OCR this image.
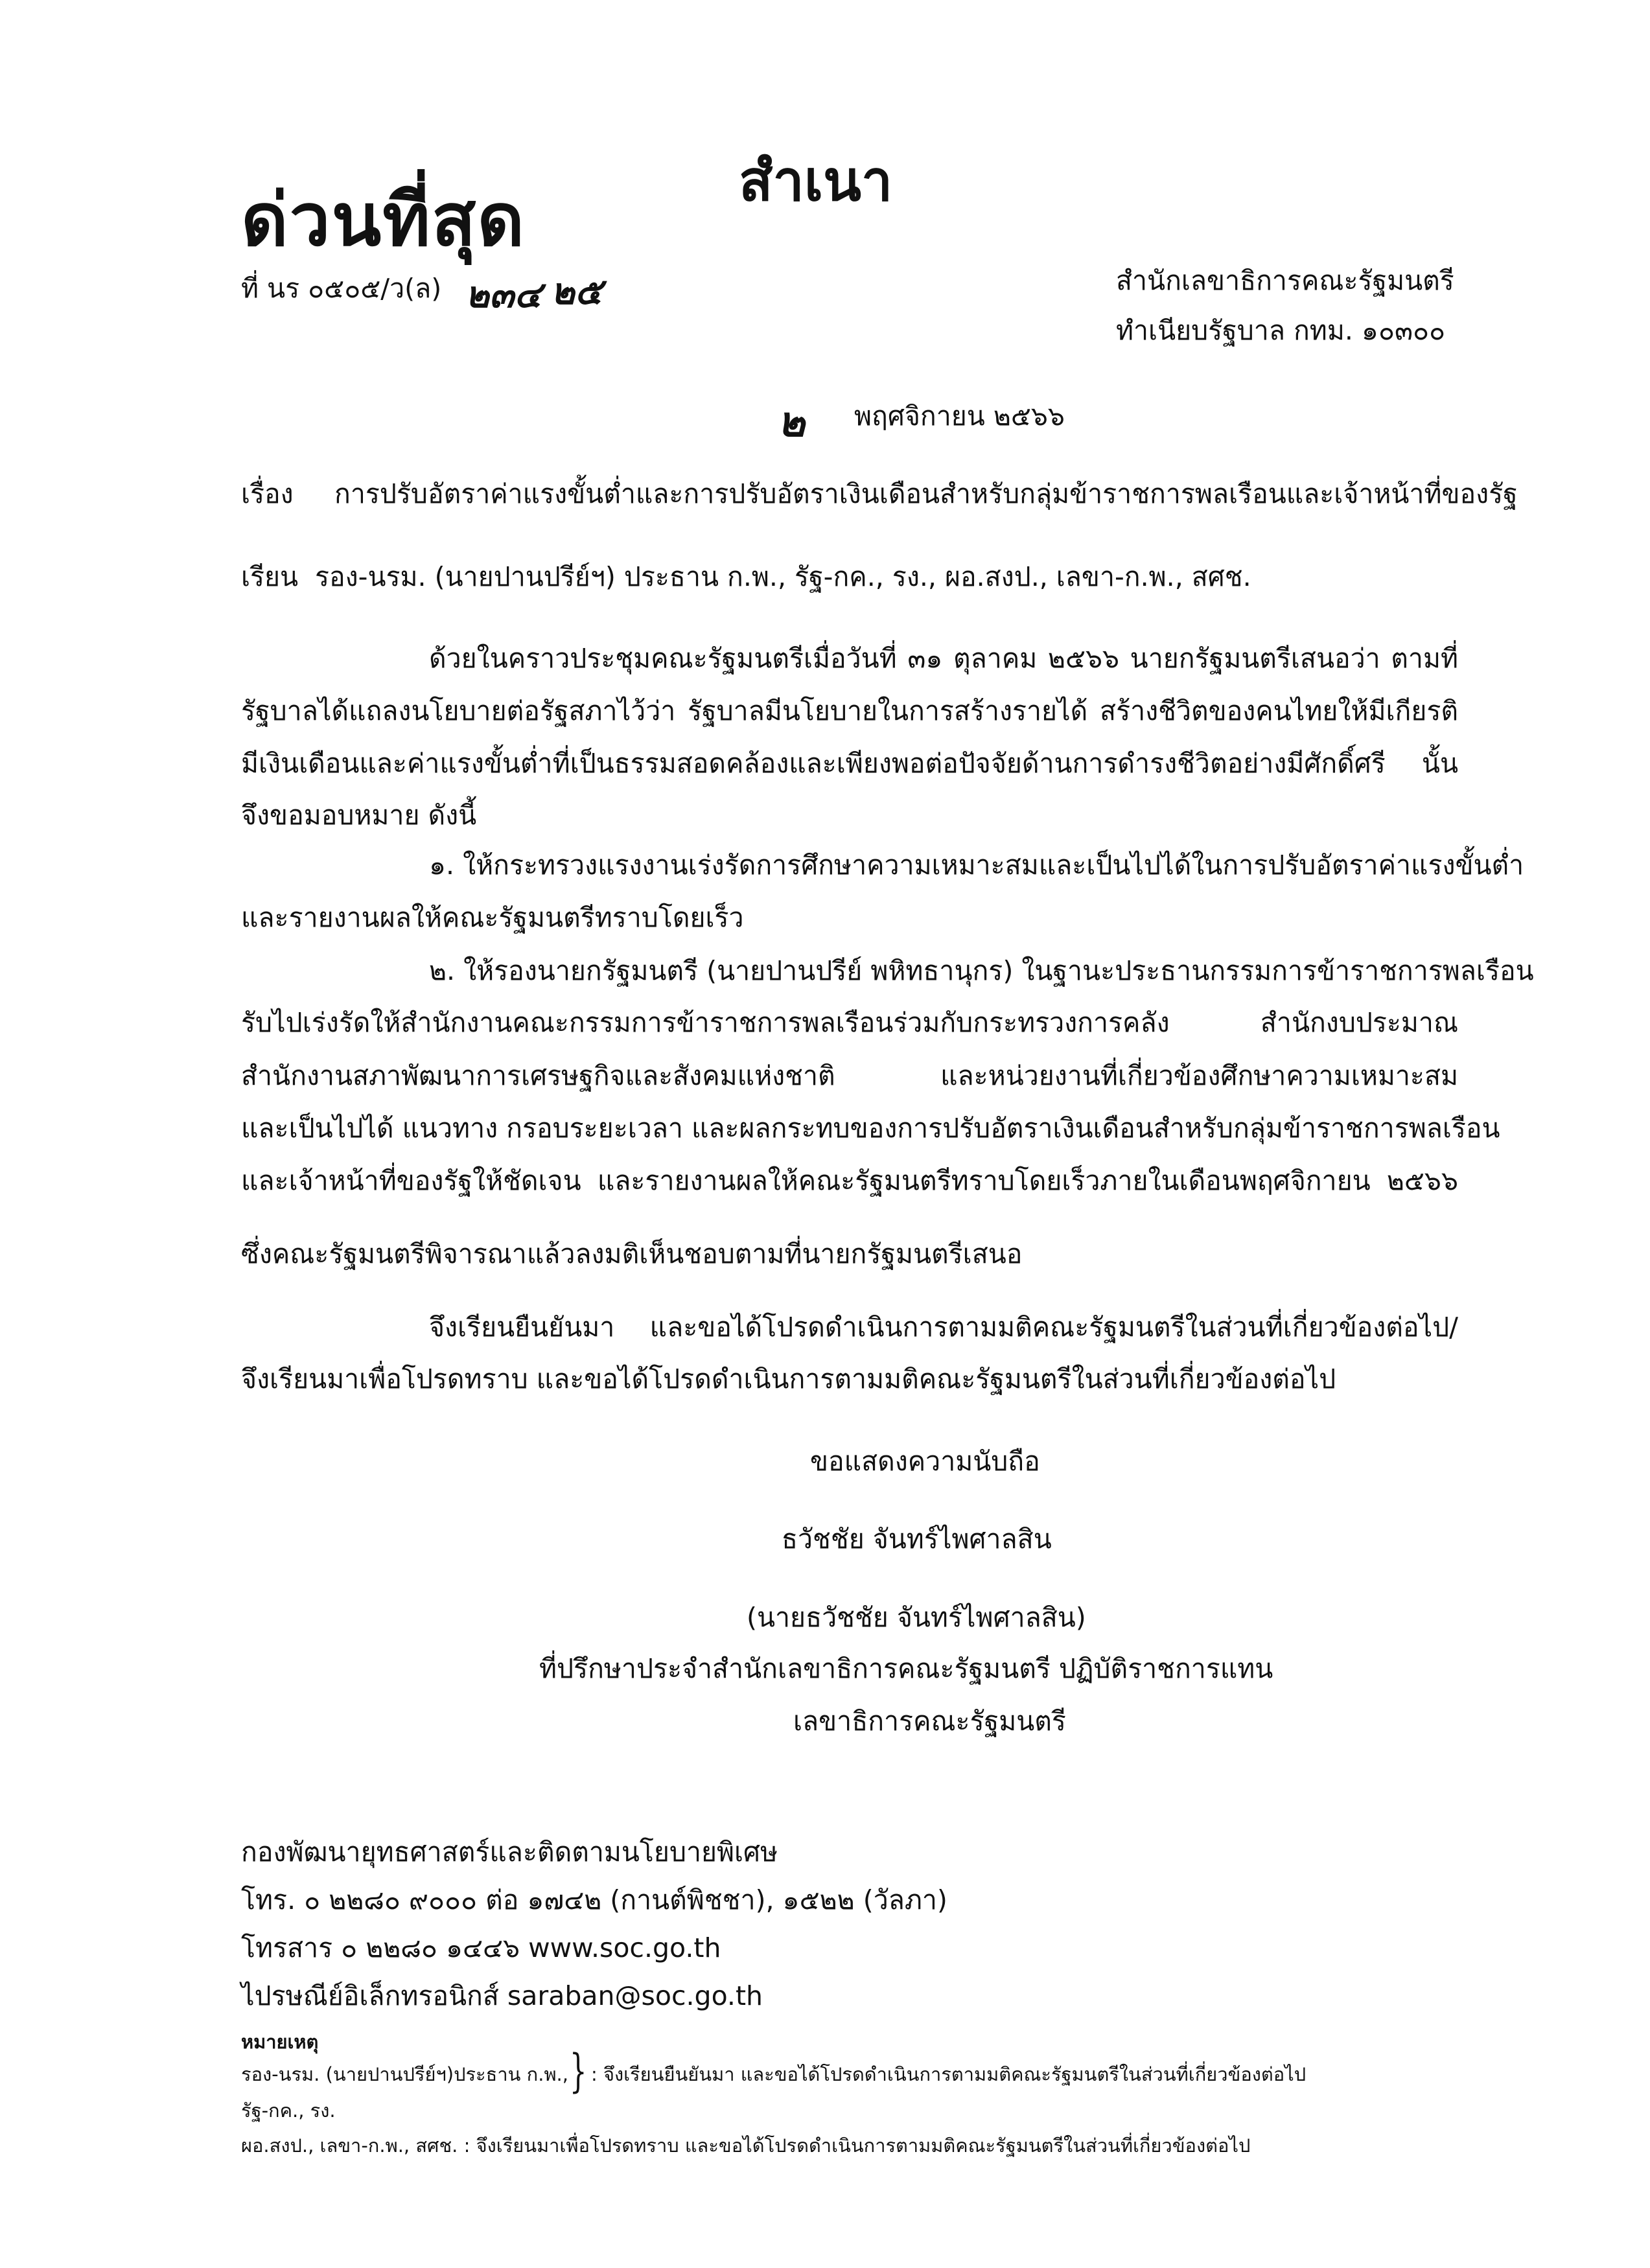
ด่วนที่สุด	สำเนา
ที่ นร ๐๕๐๕/ว(ล) ๒๓๔ ๒๕	สำนักเลขาธิการคณะรัฐมนตรี
ทำเนียบรัฐบาล กทม. ๑๐๓๐๐
๒ พฤศจิกายน ๒๕๖๖
เรื่อง การปรับอัตราค่าแรงขั้นต่ำและการปรับอัตราเงินเดือนสำหรับกลุ่มข้าราชการพลเรือนและเจ้าหน้าที่ของรัฐ
เรียน รอง-นรม. (นายปานปรีย์ฯ) ประธาน ก.พ., รัฐ-กค., รง., ผอ.สงป., เลขา-ก.พ., สศช.
ด้วยในคราวประชุมคณะรัฐมนตรีเมื่อวันที่ ๓๑ ตุลาคม ๒๕๖๖ นายกรัฐมนตรีเสนอว่า ตามที่
รัฐบาลได้แถลงนโยบายต่อรัฐสภาไว้ว่า รัฐบาลมีนโยบายในการสร้างรายได้ สร้างชีวิตของคนไทยให้มีเกียรติ
มีเงินเดือนและค่าแรงขั้นต่ำที่เป็นธรรมสอดคล้องและเพียงพอต่อปัจจัยด้านการดำรงชีวิตอย่างมีศักดิ์ศรี นั้น
จึงขอมอบหมาย ดังนี้
๑. ให้กระทรวงแรงงานเร่งรัดการศึกษาความเหมาะสมและเป็นไปได้ในการปรับอัตราค่าแรงขั้นต่ำ
และรายงานผลให้คณะรัฐมนตรีทราบโดยเร็ว
๒. ให้รองนายกรัฐมนตรี (นายปานปรีย์ พหิทธานุกร) ในฐานะประธานกรรมการข้าราชการพลเรือน
รับไปเร่งรัดให้สำนักงานคณะกรรมการข้าราชการพลเรือนร่วมกับกระทรวงการคลัง สำนักงบประมาณ
สำนักงานสภาพัฒนาการเศรษฐกิจและสังคมแห่งชาติ และหน่วยงานที่เกี่ยวข้องศึกษาความเหมาะสม
และเป็นไปได้ แนวทาง กรอบระยะเวลา และผลกระทบของการปรับอัตราเงินเดือนสำหรับกลุ่มข้าราชการพลเรือน
และเจ้าหน้าที่ของรัฐให้ชัดเจน และรายงานผลให้คณะรัฐมนตรีทราบโดยเร็วภายในเดือนพฤศจิกายน ๒๕๖๖
ซึ่งคณะรัฐมนตรีพิจารณาแล้วลงมติเห็นชอบตามที่นายกรัฐมนตรีเสนอ
จึงเรียนยืนยันมา และขอได้โปรดดำเนินการตามมติคณะรัฐมนตรีในส่วนที่เกี่ยวข้องต่อไป/
จึงเรียนมาเพื่อโปรดทราบ และขอได้โปรดดำเนินการตามมติคณะรัฐมนตรีในส่วนที่เกี่ยวข้องต่อไป
ขอแสดงความนับถือ
ธวัชชัย จันทร์ไพศาลสิน
(นายธวัชชัย จันทร์ไพศาลสิน)
ที่ปรึกษาประจำสำนักเลขาธิการคณะรัฐมนตรี ปฏิบัติราชการแทน
เลขาธิการคณะรัฐมนตรี
กองพัฒนายุทธศาสตร์และติดตามนโยบายพิเศษ
โทร. ๐ ๒๒๘๐ ๙๐๐๐ ต่อ ๑๗๔๒ (กานต์พิชชา), ๑๕๒๒ (วัลภา)
โทรสาร ๐ ๒๒๘๐ ๑๔๔๖ www.soc.go.th
ไปรษณีย์อิเล็กทรอนิกส์ saraban@soc.go.th
หมายเหตุ
รอง-นรม. (นายปานปรีย์ฯ)ประธาน ก.พ., } : จึงเรียนยืนยันมา และขอได้โปรดดำเนินการตามมติคณะรัฐมนตรีในส่วนที่เกี่ยวข้องต่อไป
รัฐ-กค., รง.
ผอ.สงป., เลขา-ก.พ., สศช. : จึงเรียนมาเพื่อโปรดทราบ และขอได้โปรดดำเนินการตามมติคณะรัฐมนตรีในส่วนที่เกี่ยวข้องต่อไป
